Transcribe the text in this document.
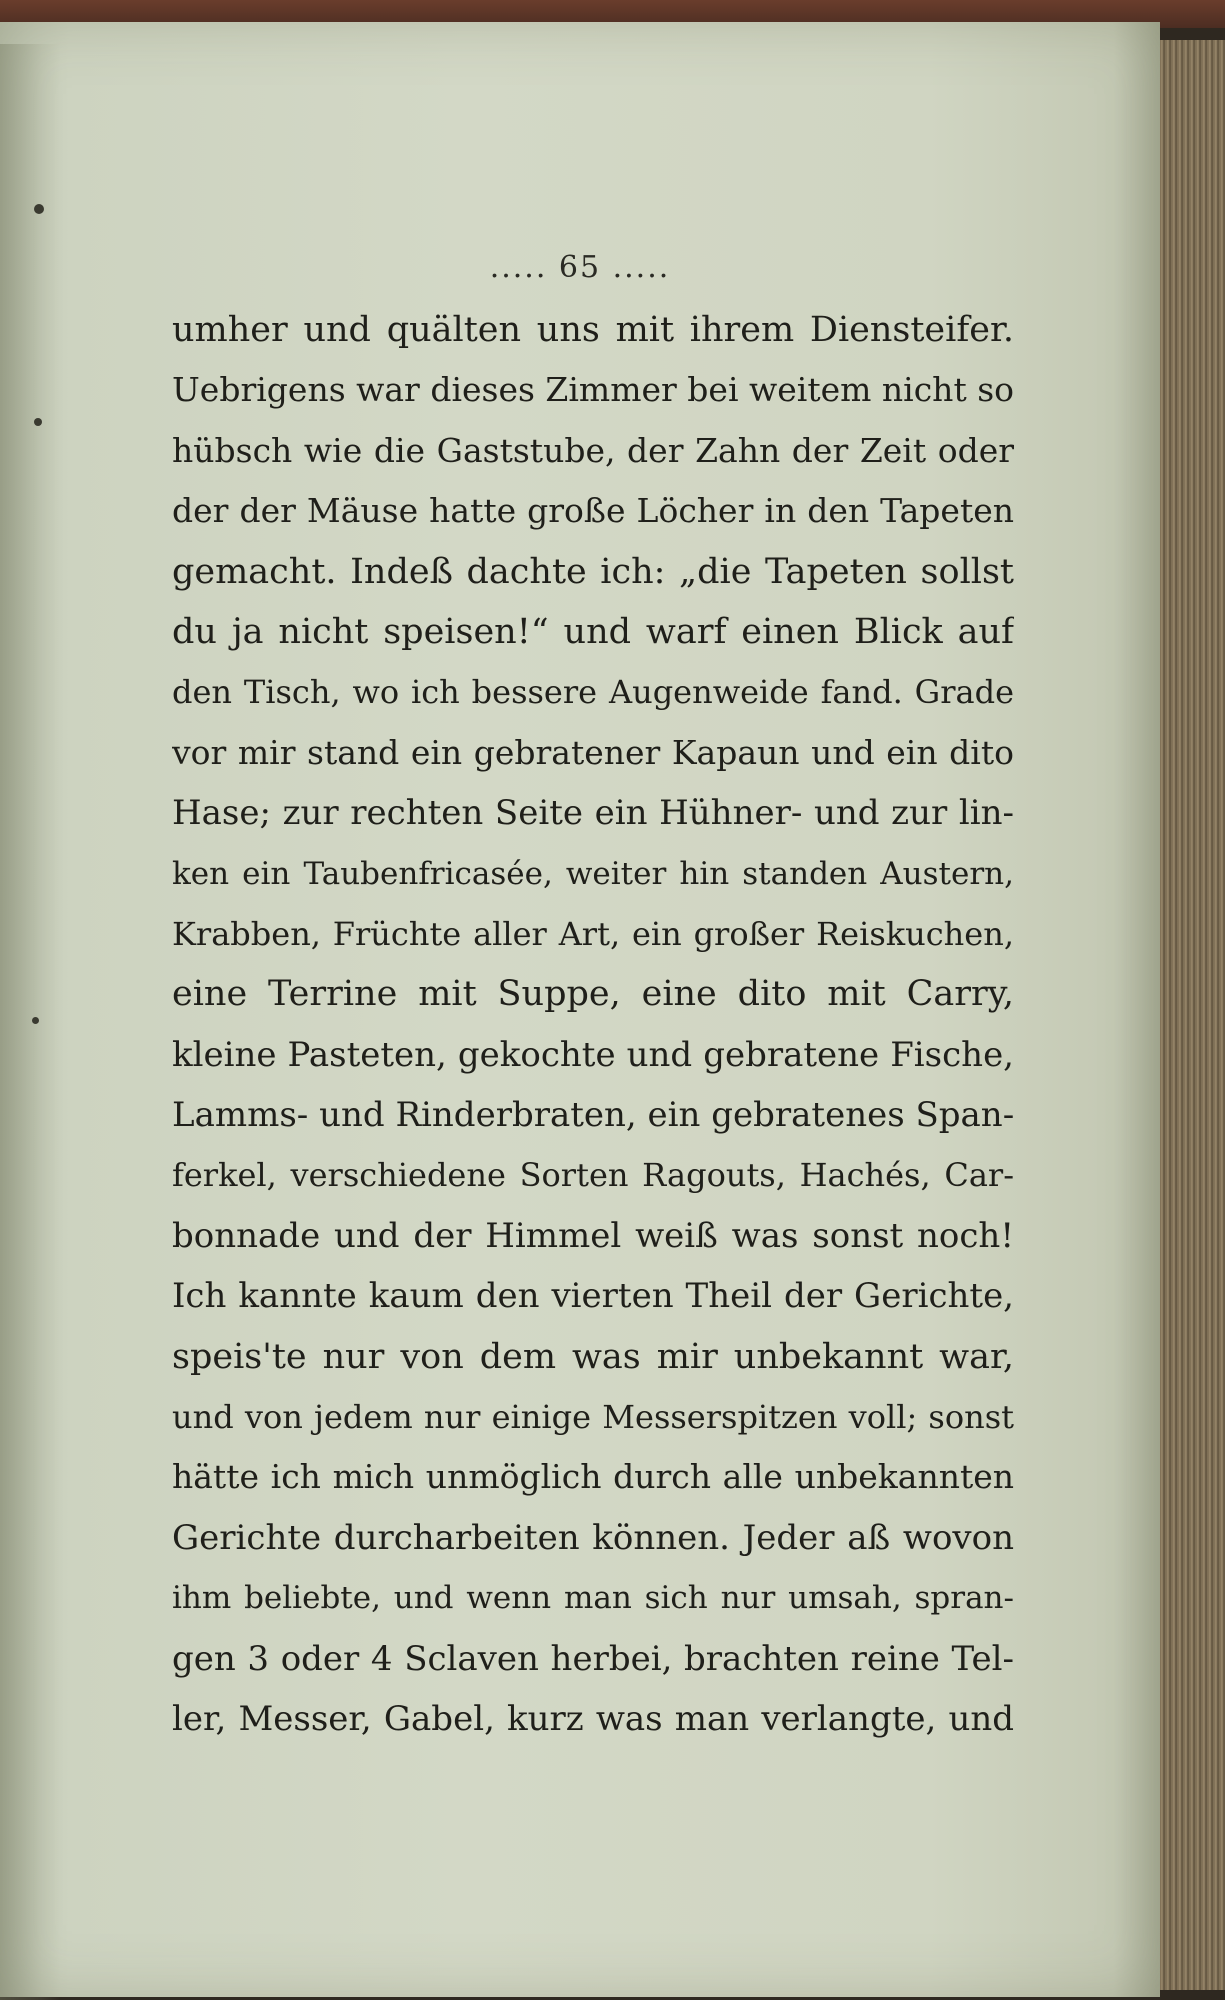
..... 65 .....
umher und quälten uns mit ihrem Diensteifer.
Uebrigens war dieses Zimmer bei weitem nicht so
hübsch wie die Gaststube, der Zahn der Zeit oder
der der Mäuse hatte große Löcher in den Tapeten
gemacht. Indeß dachte ich: „die Tapeten sollst
du ja nicht speisen!“ und warf einen Blick auf
den Tisch, wo ich bessere Augenweide fand. Grade
vor mir stand ein gebratener Kapaun und ein dito
Hase; zur rechten Seite ein Hühner- und zur lin-
ken ein Taubenfricasée, weiter hin standen Austern,
Krabben, Früchte aller Art, ein großer Reiskuchen,
eine Terrine mit Suppe, eine dito mit Carry,
kleine Pasteten, gekochte und gebratene Fische,
Lamms- und Rinderbraten, ein gebratenes Span-
ferkel, verschiedene Sorten Ragouts, Hachés, Car-
bonnade und der Himmel weiß was sonst noch!
Ich kannte kaum den vierten Theil der Gerichte,
speis'te nur von dem was mir unbekannt war,
und von jedem nur einige Messerspitzen voll; sonst
hätte ich mich unmöglich durch alle unbekannten
Gerichte durcharbeiten können. Jeder aß wovon
ihm beliebte, und wenn man sich nur umsah, spran-
gen 3 oder 4 Sclaven herbei, brachten reine Tel-
ler, Messer, Gabel, kurz was man verlangte, und
